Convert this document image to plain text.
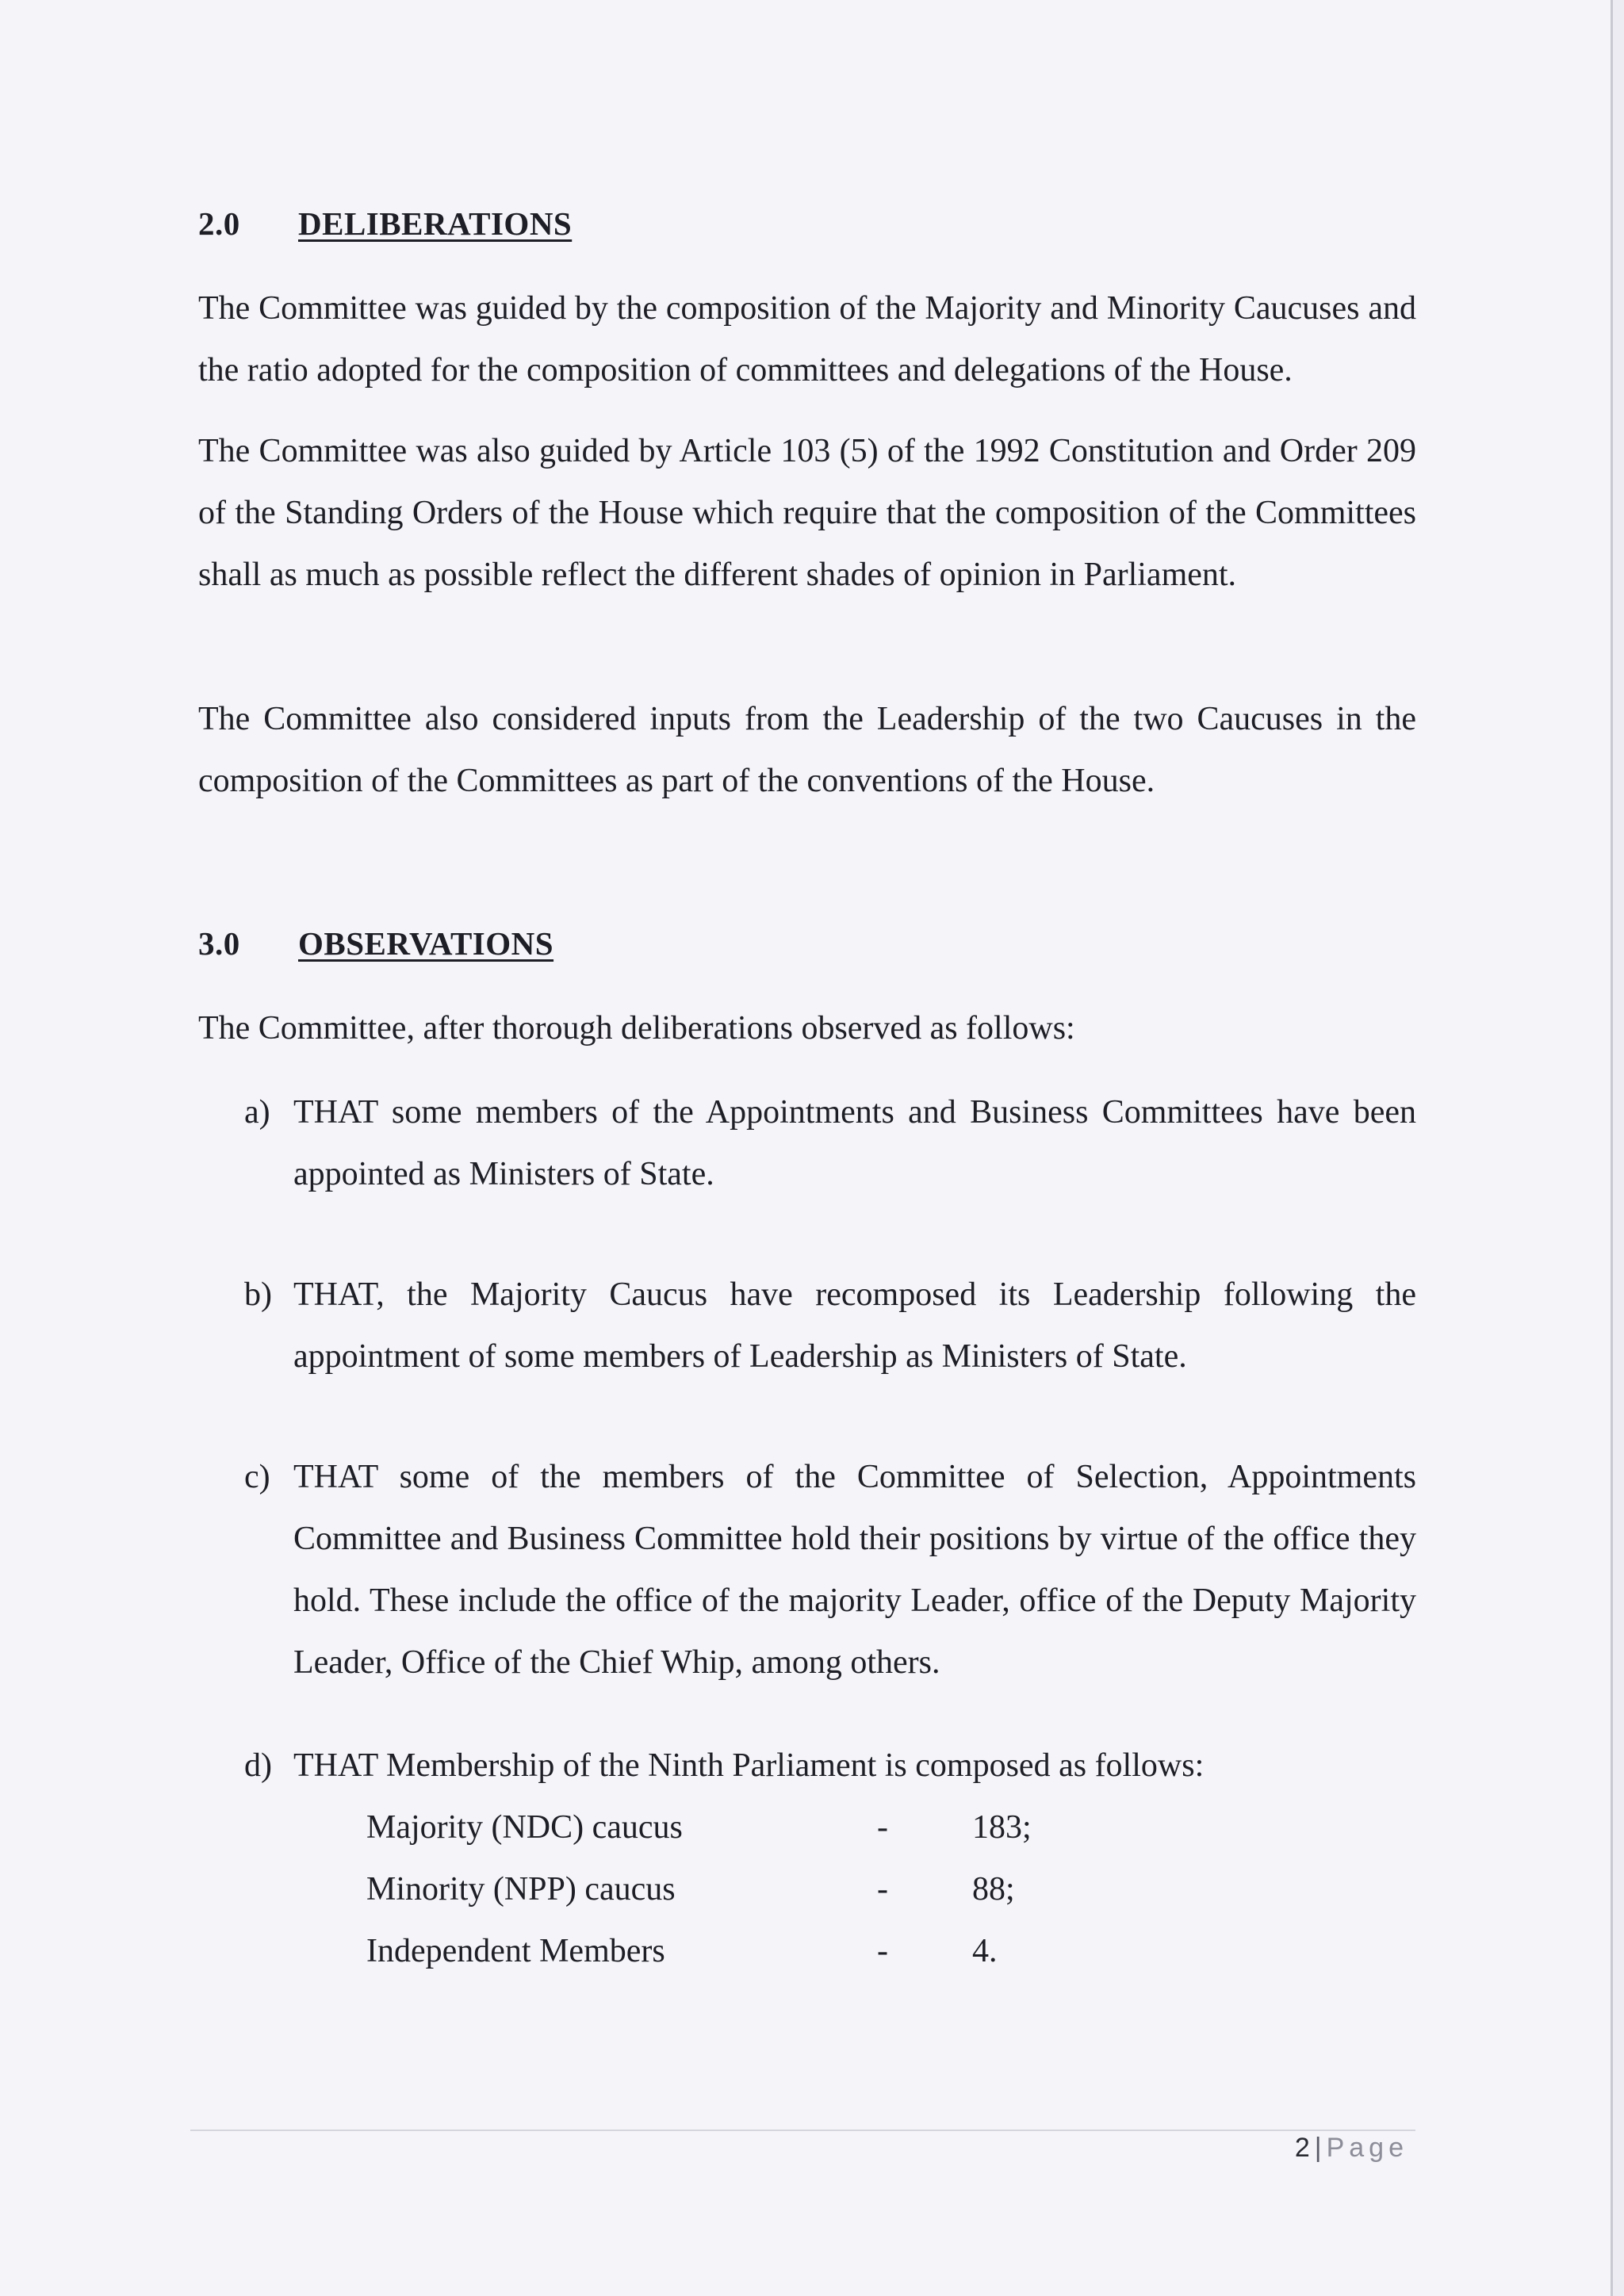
2.0 DELIBERATIONS
The Committee was guided by the composition of the Majority and Minority Caucuses and the ratio adopted for the composition of committees and delegations of the House.
The Committee was also guided by Article 103 (5) of the 1992 Constitution and Order 209 of the Standing Orders of the House which require that the composition of the Committees shall as much as possible reflect the different shades of opinion in Parliament.
The Committee also considered inputs from the Leadership of the two Caucuses in the composition of the Committees as part of the conventions of the House.
3.0 OBSERVATIONS
The Committee, after thorough deliberations observed as follows:
a) THAT some members of the Appointments and Business Committees have been appointed as Ministers of State.
b) THAT, the Majority Caucus have recomposed its Leadership following the appointment of some members of Leadership as Ministers of State.
c) THAT some of the members of the Committee of Selection, Appointments Committee and Business Committee hold their positions by virtue of the office they hold. These include the office of the majority Leader, office of the Deputy Majority Leader, Office of the Chief Whip, among others.
d) THAT Membership of the Ninth Parliament is composed as follows:
Majority (NDC) caucus	-	183;
Minority (NPP) caucus	-	88;
Independent Members	-	4.
2 | Page
